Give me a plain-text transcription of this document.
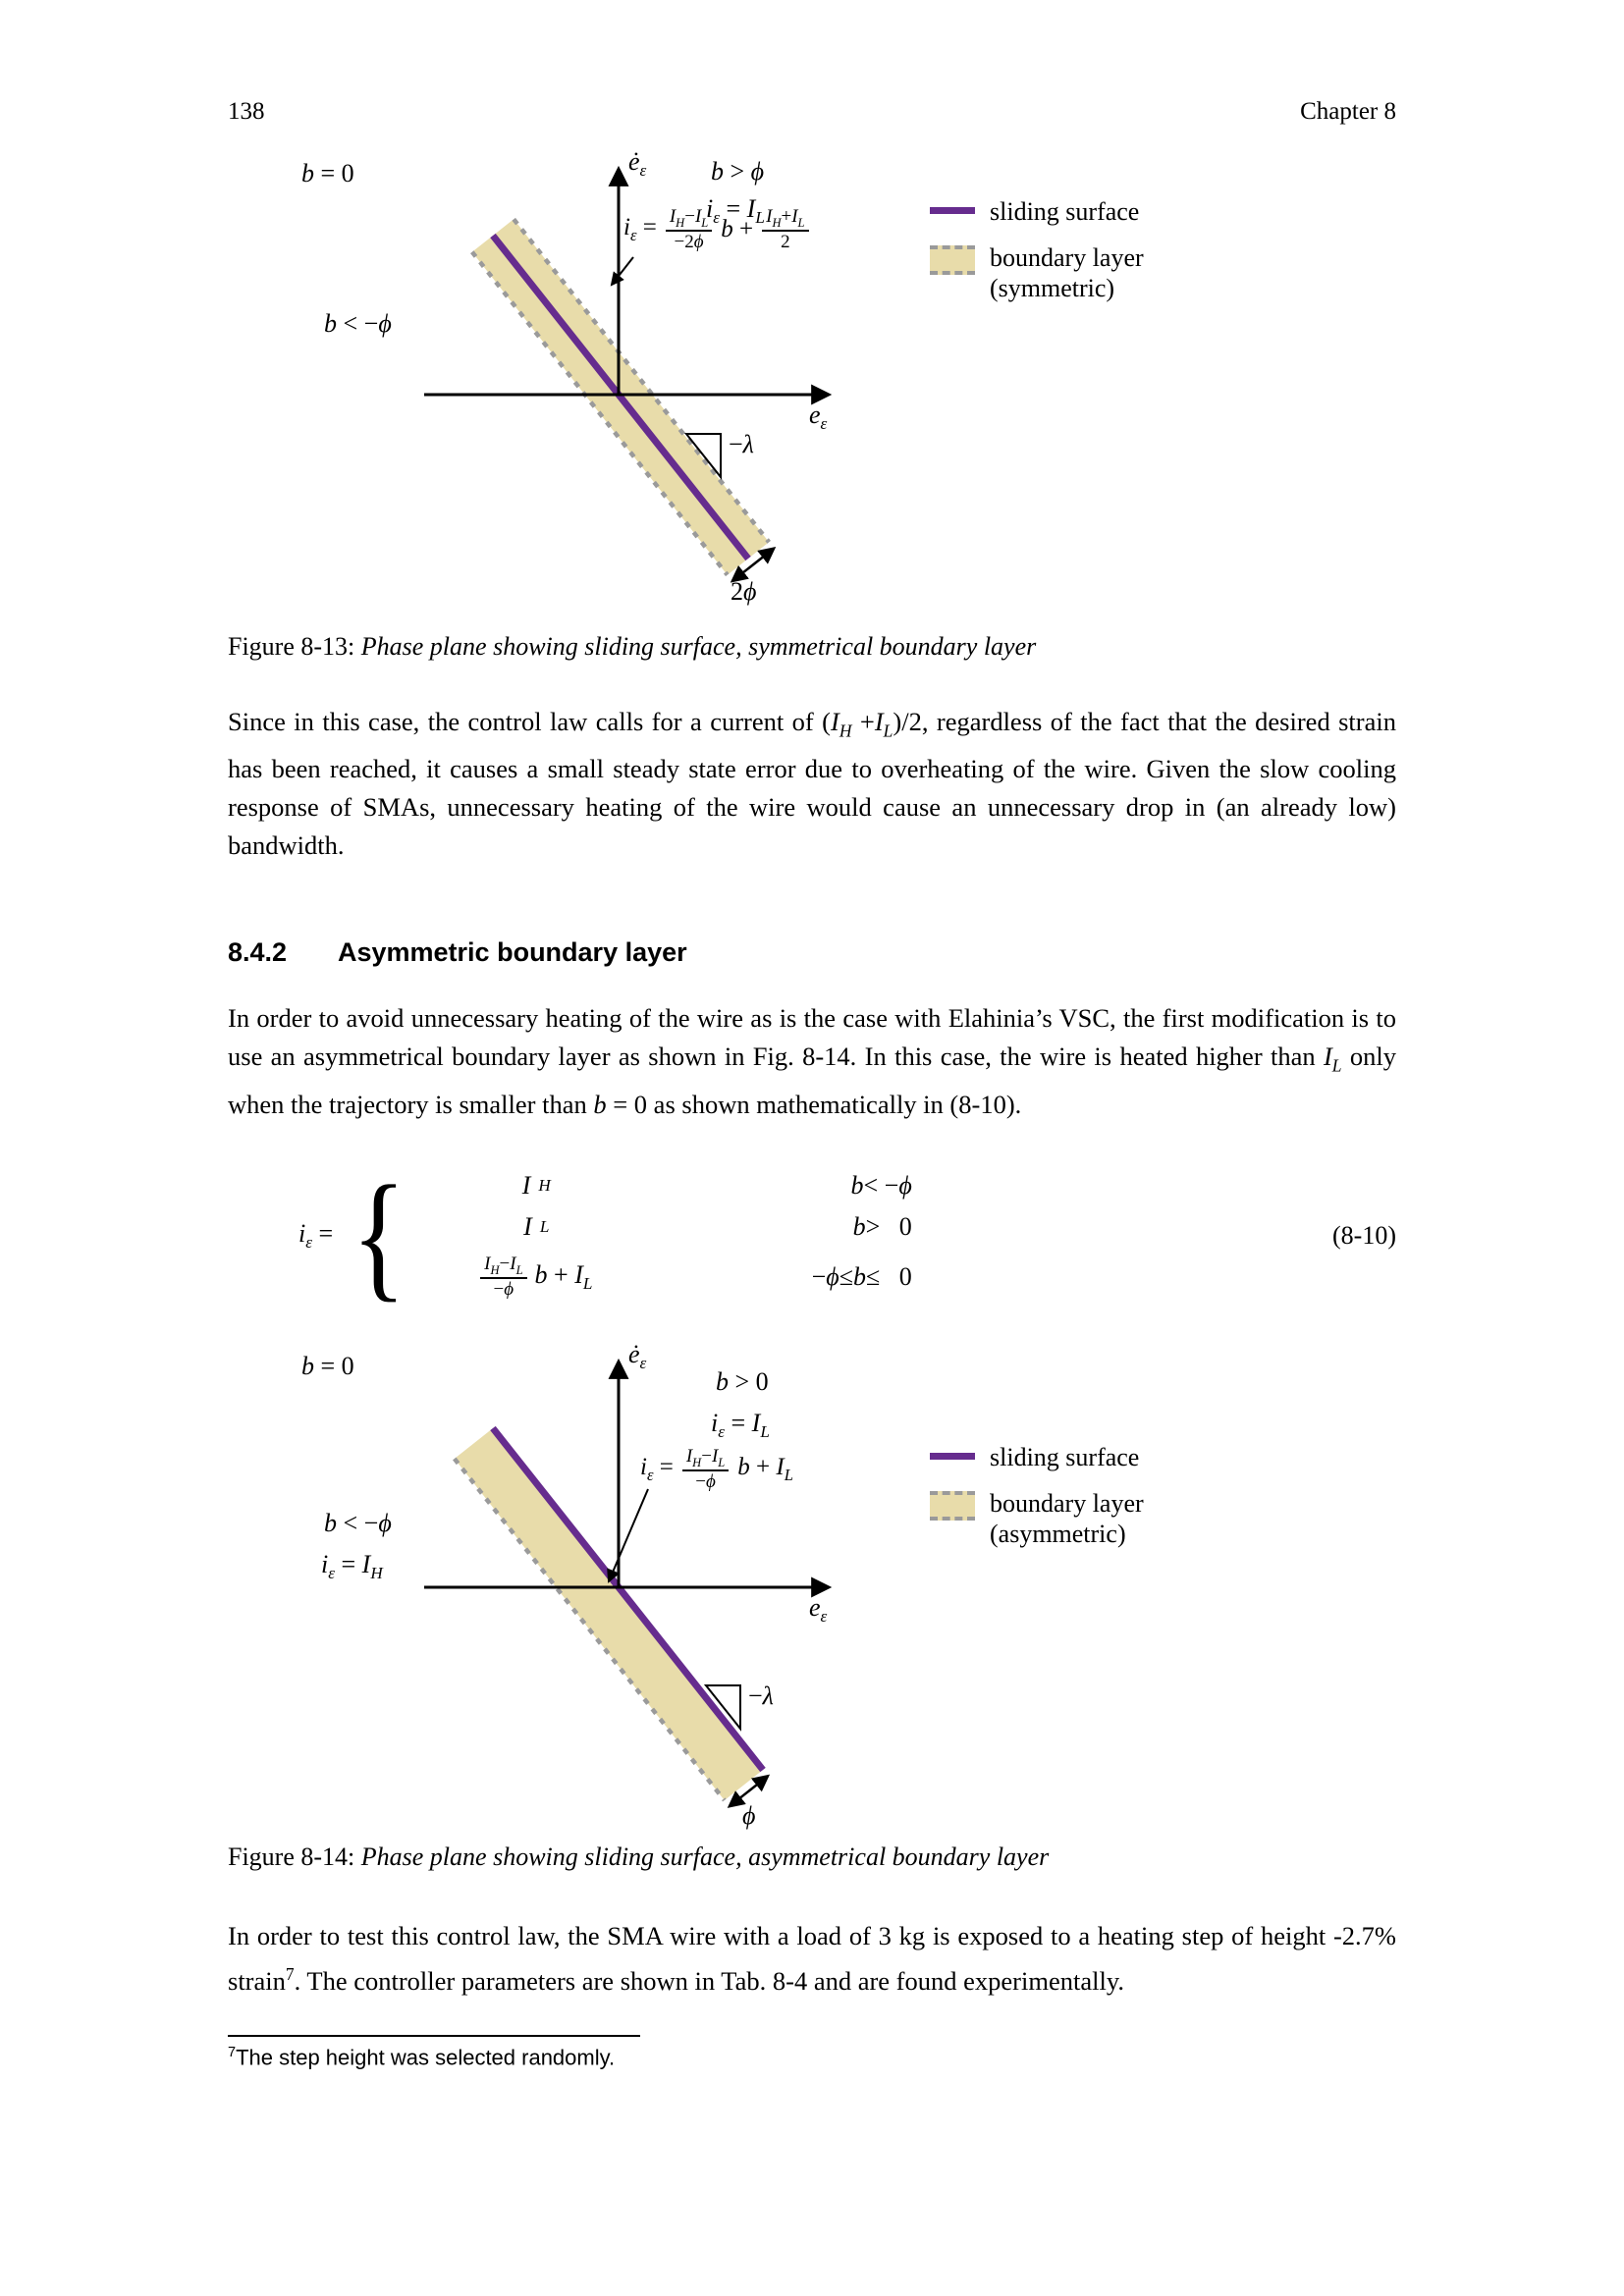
138	Chapter 8
b = 0	$ė_\varepsilon$	b > ϕ
$i_\varepsilon = I_L$
$i_\varepsilon = \frac{I_H-I_L}{-2\phi}$ $b + \frac{I_H+I_L}{2}$
$e_\varepsilon$
b < −ϕ
−λ
2ϕ
sliding surface
boundary layer
(symmetric)
Figure 8-13: Phase plane showing sliding surface, symmetrical boundary layer
Since in this case, the control law calls for a current of $(I_H +I_L)/2$, regardless of the fact that the desired strain has been reached, it causes a small steady state error due to overheating of the wire. Given the slow cooling response of SMAs, unnecessary heating of the wire would cause an unnecessary drop in (an already low) bandwidth.
8.4.2	Asymmetric boundary layer
In order to avoid unnecessary heating of the wire as is the case with Elahinia’s VSC, the first modification is to use an asymmetrical boundary layer as shown in Fig. 8-14. In this case, the wire is heated higher than $I_L$ only when the trajectory is smaller than b = 0 as shown mathematically in (8-10).
$i_\varepsilon$ = {	I H	b < − ϕ
I L	b >   0
$\frac{I_H-I_L}{-\phi}$ $b + I_L$	− ϕ ≤ b ≤   0
(8-10)
b = 0	$ė_\varepsilon$
b > 0
$i_\varepsilon = I_L$
$i_\varepsilon = \frac{I_H-I_L}{-\phi}$ $b + I_L$
$e_\varepsilon$
b < −ϕ
$i_\varepsilon = I_H$
−λ
ϕ
sliding surface
boundary layer
(asymmetric)
Figure 8-14: Phase plane showing sliding surface, asymmetrical boundary layer
In order to test this control law, the SMA wire with a load of 3 kg is exposed to a heating step of height -2.7% strain$^7$. The controller parameters are shown in Tab. 8-4 and are found experimentally.
$^7$The step height was selected randomly.
